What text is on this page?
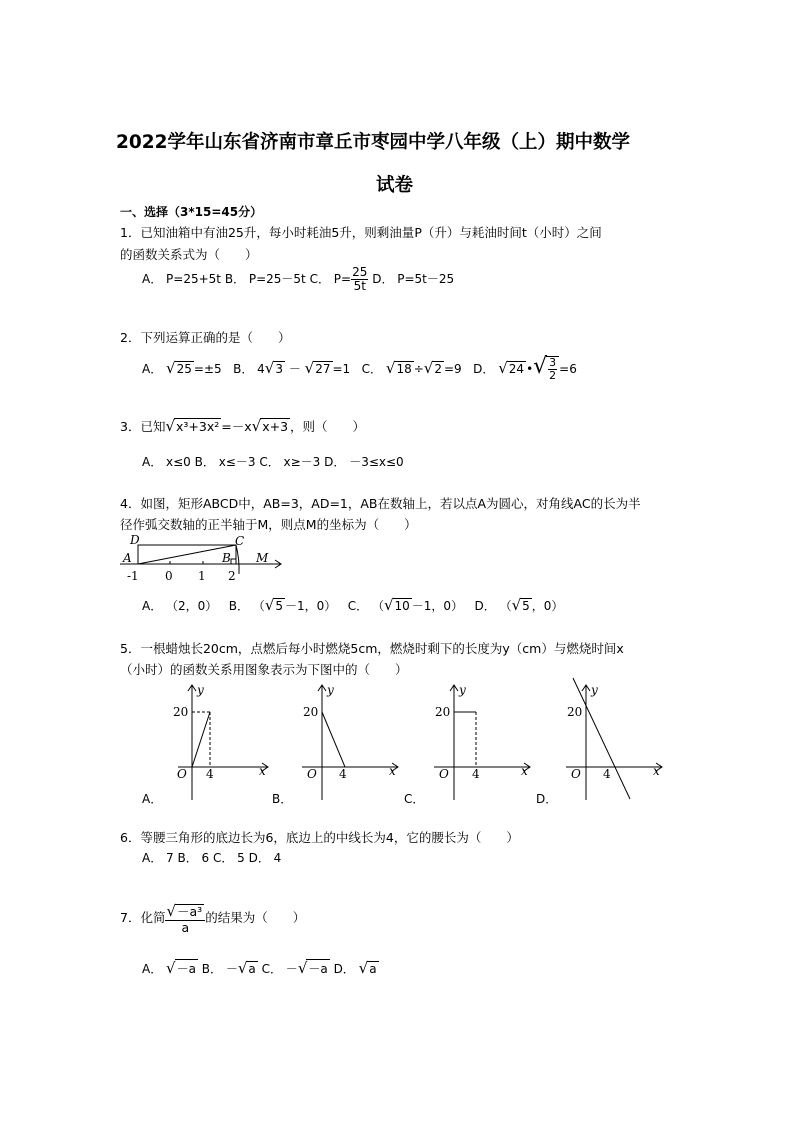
2022学年山东省济南市章丘市枣园中学八年级（上）期中数学
试卷
一、选择（3*15=45分）
1．已知油箱中有油25升，每小时耗油5升，则剩油量P（升）与耗油时间t（小时）之间
的函数关系式为（　　）
A． P=25+5t B． P=25－5t C． $P= \frac{25}{5t}$ D． P=5t－25
2．下列运算正确的是（　　）
A． √25 =±5 B． 4√3 － √27 =1 C． √18 ÷√2 =9 D． √24 •√ $\frac{3}{2} =6$
3．已知√x³+3x² =－x√x+3 ，则（　　）
A． x≤0 B． x≤－3 C． x≥－3 D． －3≤x≤0
4．如图，矩形ABCD中，AB=3，AD=1，AB在数轴上，若以点A为圆心，对角线AC的长为半
径作弧交数轴的正半轴于M，则点M的坐标为（　　）
D	C
A	B M
-1 0 1 2
A． （2，0） B． （√5 －1，0） C． （√10 －1，0） D． （√5 ，0）
5．一根蜡烛长20cm，点燃后每小时燃烧5cm，燃烧时剩下的长度为y（cm）与燃烧时间x
（小时）的函数关系用图象表示为下图中的（　　）
y
x
O
20
4
A．
y
x
O
20
4
B．
y
x
O
20
4
C．
y
x
O
20
4
D．
6．等腰三角形的底边长为6，底边上的中线长为4，它的腰长为（　　）
A． 7 B． 6 C． 5 D． 4
7．化简 $\frac{\text{√－a³}}{a}$ 的结果为（　　）
A． √－a B． －√a C． －√－a D． √a
